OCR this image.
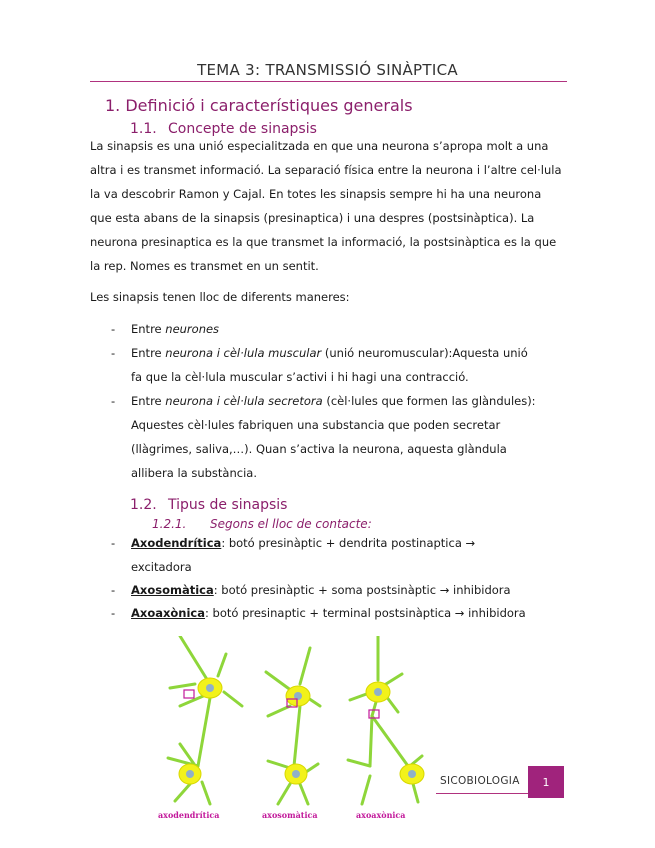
TEMA 3: TRANSMISSIÓ SINÀPTICA
1. Definició i característiques generals
1.1. Concepte de sinapsis
La sinapsis es una unió especialitzada en que una neurona s’apropa molt a una altra i es transmet informació. La separació física entre la neurona i l’altre cel·lula la va descobrir Ramon y Cajal. En totes les sinapsis sempre hi ha una neurona que esta abans de la sinapsis (presinaptica) i una despres (postsinàptica). La neurona presinaptica es la que transmet la informació, la postsinàptica es la que la rep. Nomes es transmet en un sentit.
Les sinapsis tenen lloc de diferents maneres:
- Entre neurones
- Entre neurona i cèl·lula muscular (unió neuromuscular):Aquesta unió
fa que la cèl·lula muscular s’activi i hi hagi una contracció.
- Entre neurona i cèl·lula secretora (cèl·lules que formen las glàndules):
Aquestes cèl·lules fabriquen una substancia que poden secretar
(llàgrimes, saliva,…). Quan s’activa la neurona, aquesta glàndula
allibera la substància.
1.2. Tipus de sinapsis
1.2.1. Segons el lloc de contacte:
- Axodendrítica: botó presinàptic + dendrita postinaptica →
excitadora
- Axosomàtica: botó presinàptic + soma postsinàptic → inhibidora
- Axoaxònica: botó presinaptic + terminal postsinàptica → inhibidora
axodendrítica	axosomàtica	axoaxònica
SICOBIOLOGIA	1
